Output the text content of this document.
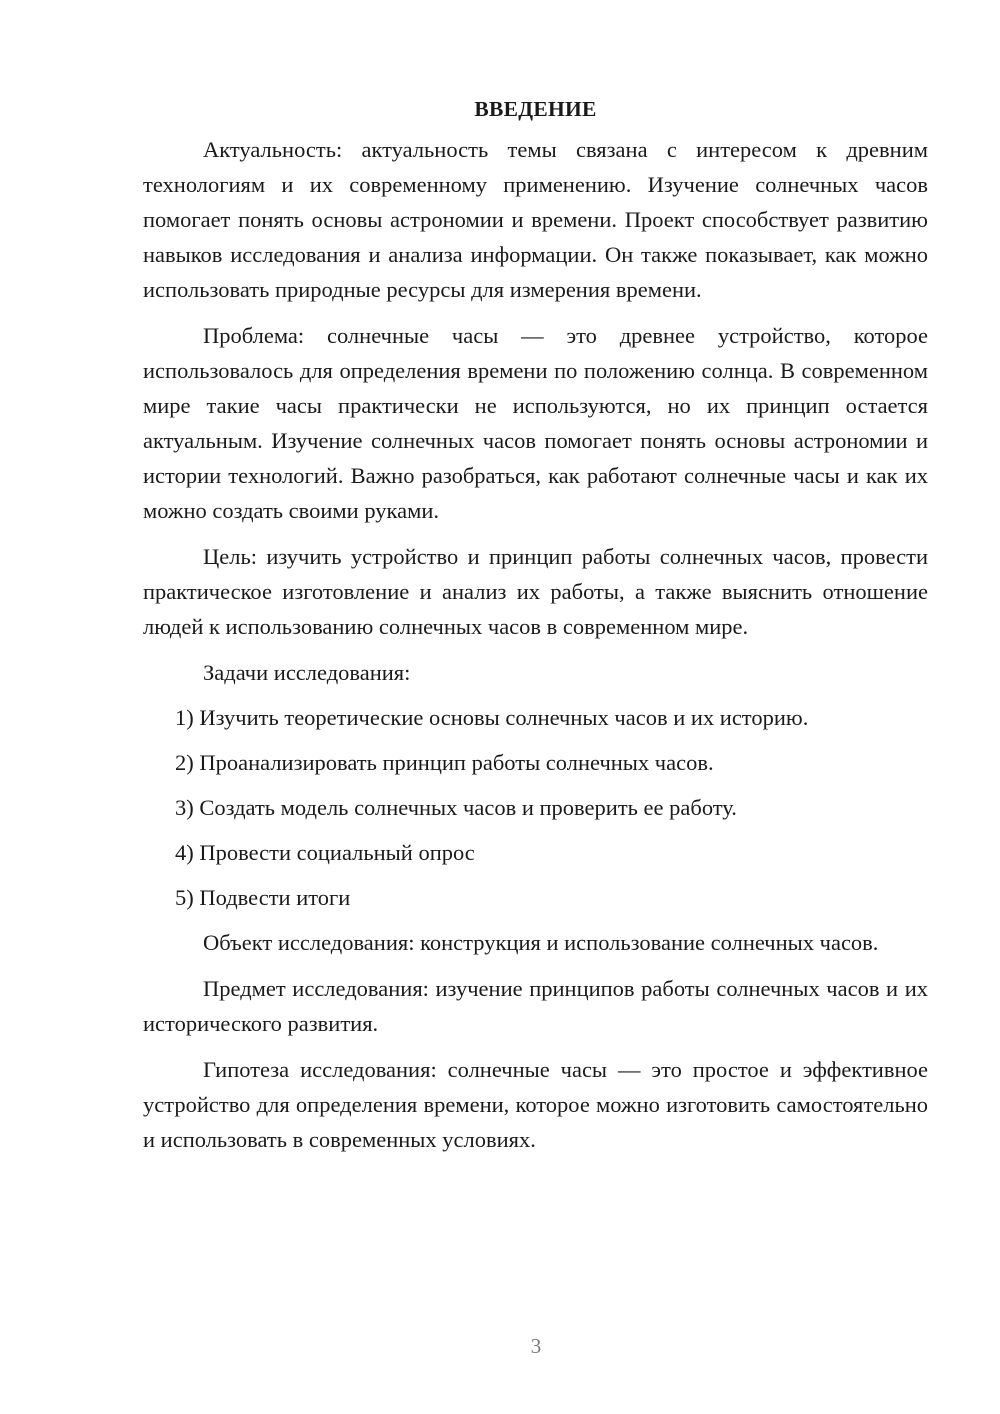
ВВЕДЕНИЕ

Актуальность: актуальность темы связана с интересом к древним технологиям и их современному применению. Изучение солнечных часов помогает понять основы астрономии и времени. Проект способствует развитию навыков исследования и анализа информации. Он также показывает, как можно использовать природные ресурсы для измерения времени.

Проблема: солнечные часы — это древнее устройство, которое использовалось для определения времени по положению солнца. В современном мире такие часы практически не используются, но их принцип остается актуальным. Изучение солнечных часов помогает понять основы астрономии и истории технологий. Важно разобраться, как работают солнечные часы и как их можно создать своими руками.

Цель: изучить устройство и принцип работы солнечных часов, провести практическое изготовление и анализ их работы, а также выяснить отношение людей к использованию солнечных часов в современном мире.

Задачи исследования:

1) Изучить теоретические основы солнечных часов и их историю.

2) Проанализировать принцип работы солнечных часов.

3) Создать модель солнечных часов и проверить ее работу.

4) Провести социальный опрос

5) Подвести итоги

Объект исследования: конструкция и использование солнечных часов.

Предмет исследования: изучение принципов работы солнечных часов и их исторического развития.

Гипотеза исследования: солнечные часы — это простое и эффективное устройство для определения времени, которое можно изготовить самостоятельно и использовать в современных условиях.

3
